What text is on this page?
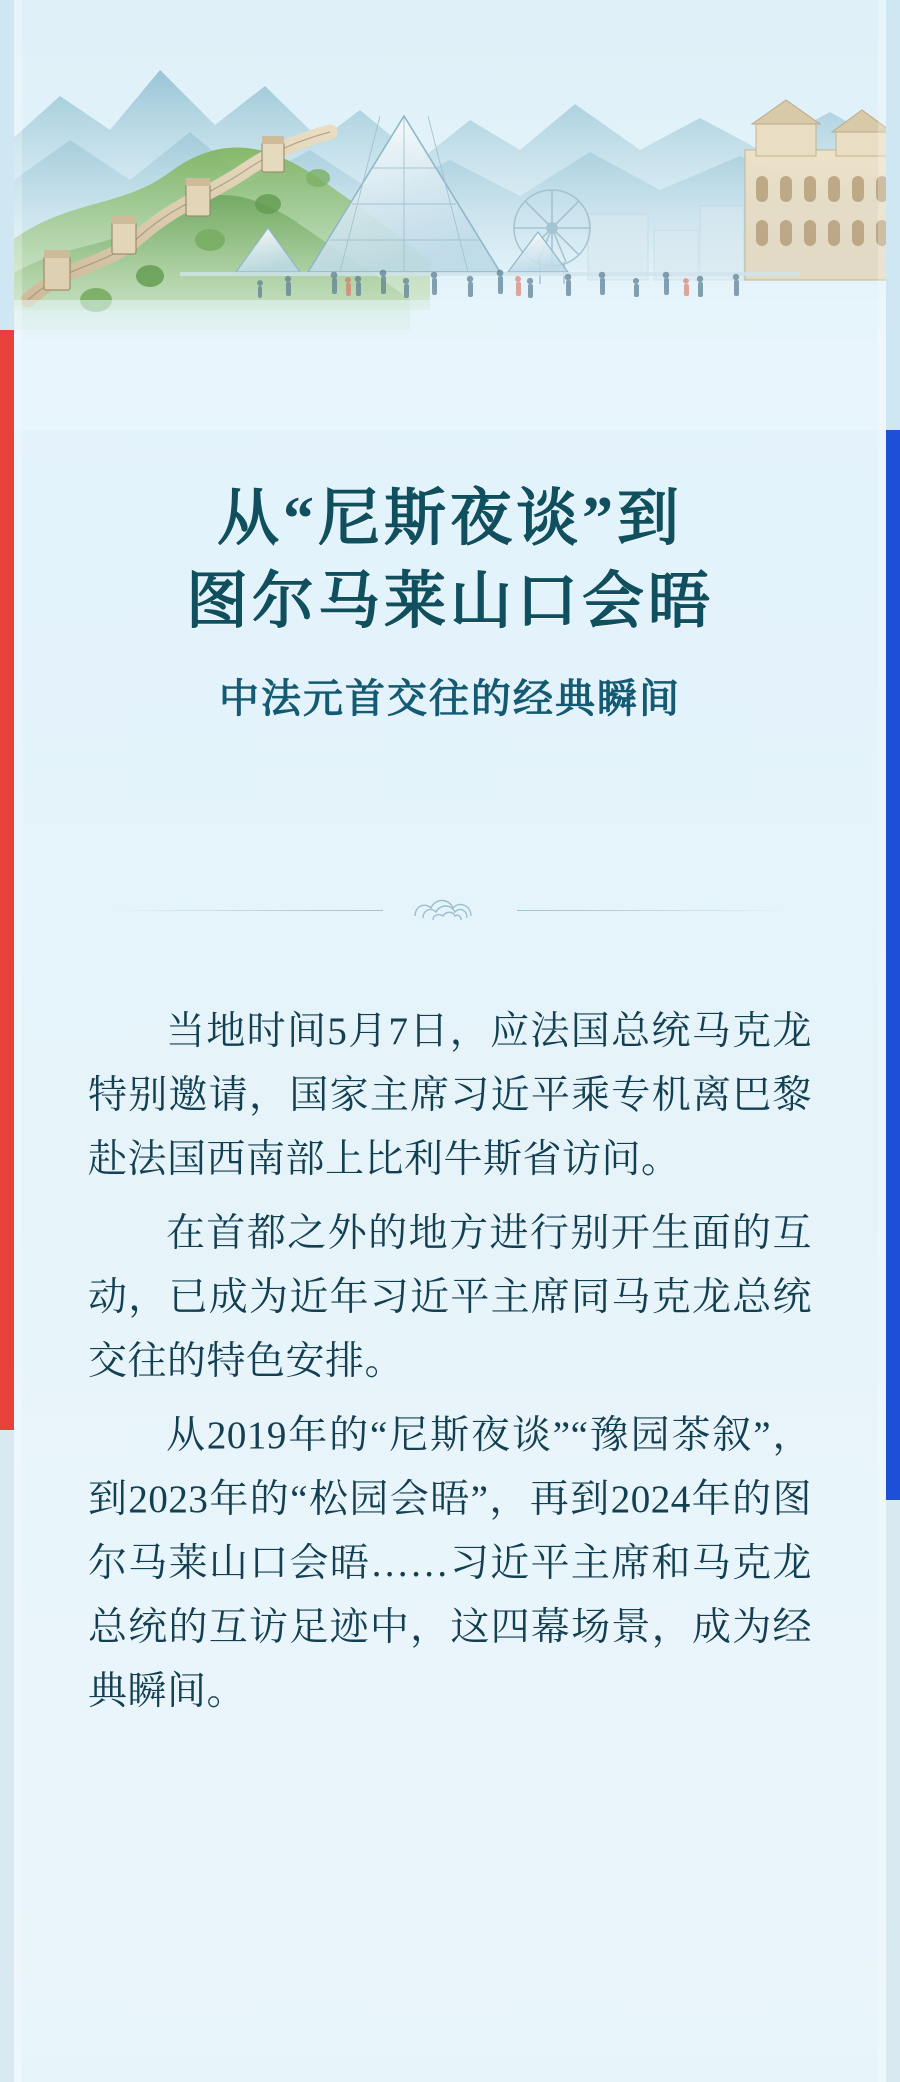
从“尼斯夜谈”到
图尔马莱山口会晤
中法元首交往的经典瞬间

当地时间5月7日，应法国总统马克龙特别邀请，国家主席习近平乘专机离巴黎赴法国西南部上比利牛斯省访问。

在首都之外的地方进行别开生面的互动，已成为近年习近平主席同马克龙总统交往的特色安排。

从2019年的“尼斯夜谈”“豫园茶叙”，到2023年的“松园会晤”，再到2024年的图尔马莱山口会晤……习近平主席和马克龙总统的互访足迹中，这四幕场景，成为经典瞬间。
